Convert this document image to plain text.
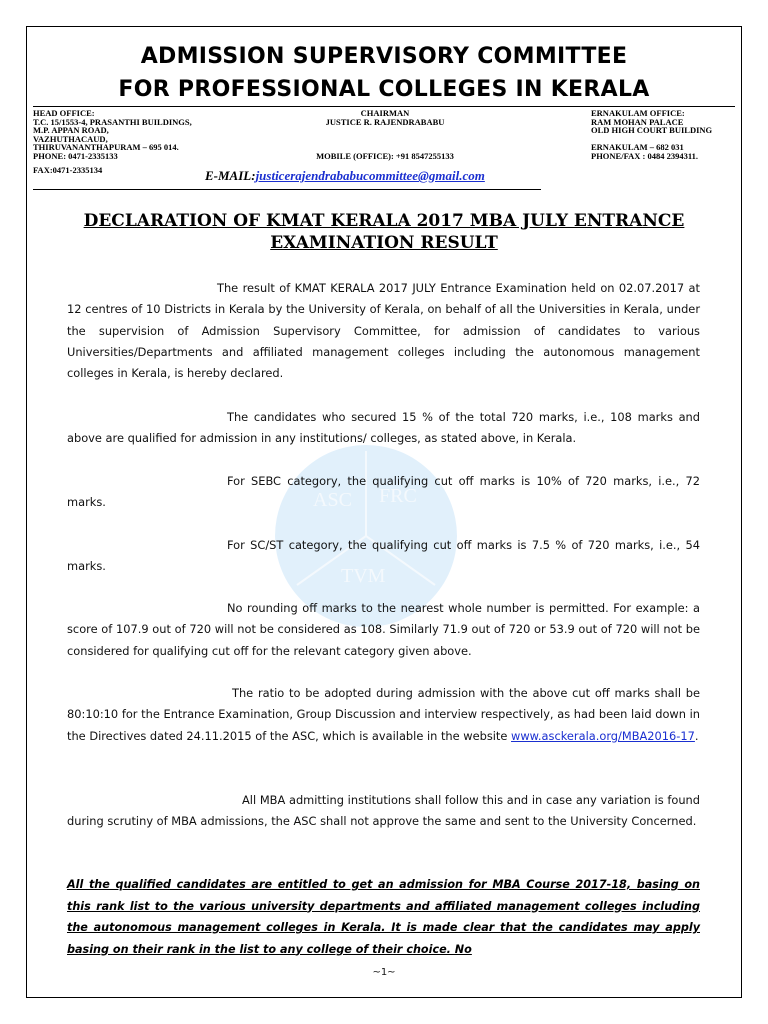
ADMISSION SUPERVISORY COMMITTEE
FOR PROFESSIONAL COLLEGES IN KERALA
HEAD OFFICE:
T.C. 15/1553-4, PRASANTHI BUILDINGS,
M.P. APPAN ROAD,
VAZHUTHACAUD,
THIRUVANANTHAPURAM – 695 014.
PHONE: 0471-2335133
FAX:0471-2335134
CHAIRMAN
JUSTICE R. RAJENDRABABU
MOBILE (OFFICE): +91 8547255133
ERNAKULAM OFFICE:
RAM MOHAN PALACE
OLD HIGH COURT BUILDING
ERNAKULAM – 682 031
PHONE/FAX : 0484 2394311.
E-MAIL:justicerajendrababucommittee@gmail.com
DECLARATION OF KMAT KERALA 2017 MBA JULY ENTRANCE
EXAMINATION RESULT
ASC FRC
TVM
The result of KMAT KERALA 2017 JULY Entrance Examination held on 02.07.2017 at 12 centres of 10 Districts in Kerala by the University of Kerala, on behalf of all the Universities in Kerala, under the supervision of Admission Supervisory Committee, for admission of candidates to various Universities/Departments and affiliated management colleges including the autonomous management colleges in Kerala, is hereby declared.
The candidates who secured 15 % of the total 720 marks, i.e., 108 marks and above are qualified for admission in any institutions/ colleges, as stated above, in Kerala.
For SEBC category, the qualifying cut off marks is 10% of 720 marks, i.e., 72 marks.
For SC/ST category, the qualifying cut off marks is 7.5 % of 720 marks, i.e., 54 marks.
No rounding off marks to the nearest whole number is permitted. For example: a score of 107.9 out of 720 will not be considered as 108. Similarly 71.9 out of 720 or 53.9 out of 720 will not be considered for qualifying cut off for the relevant category given above.
The ratio to be adopted during admission with the above cut off marks shall be 80:10:10 for the Entrance Examination, Group Discussion and interview respectively, as had been laid down in the Directives dated 24.11.2015 of the ASC, which is available in the website www.asckerala.org/MBA2016-17.
All MBA admitting institutions shall follow this and in case any variation is found during scrutiny of MBA admissions, the ASC shall not approve the same and sent to the University Concerned.
All the qualified candidates are entitled to get an admission for MBA Course 2017-18, basing on this rank list to the various university departments and affiliated management colleges including the autonomous management colleges in Kerala. It is made clear that the candidates may apply basing on their rank in the list to any college of their choice. No
~1~
